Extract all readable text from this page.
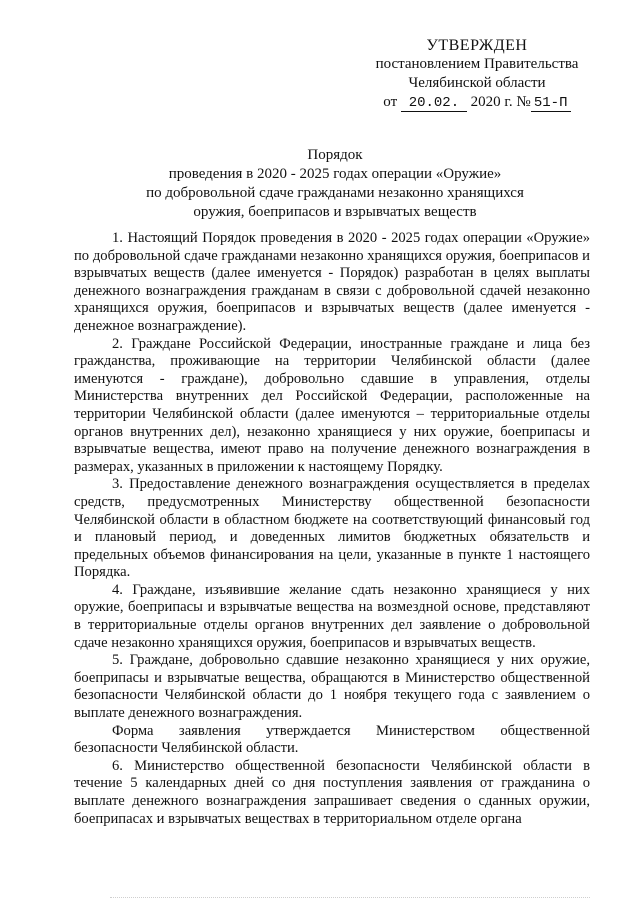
УТВЕРЖДЕН
постановлением Правительства
Челябинской области
от 20.02. 2020 г. № 51-П
Порядок
проведения в 2020 - 2025 годах операции «Оружие»
по добровольной сдаче гражданами незаконно хранящихся
оружия, боеприпасов и взрывчатых веществ

1. Настоящий Порядок проведения в 2020 - 2025 годах операции «Оружие» по добровольной сдаче гражданами незаконно хранящихся оружия, боеприпасов и взрывчатых веществ (далее именуется - Порядок) разработан в целях выплаты денежного вознаграждения гражданам в связи с добровольной сдачей незаконно хранящихся оружия, боеприпасов и взрывчатых веществ (далее именуется - денежное вознаграждение).

2. Граждане Российской Федерации, иностранные граждане и лица без гражданства, проживающие на территории Челябинской области (далее именуются - граждане), добровольно сдавшие в управления, отделы Министерства внутренних дел Российской Федерации, расположенные на территории Челябинской области (далее именуются – территориальные отделы органов внутренних дел), незаконно хранящиеся у них оружие, боеприпасы и взрывчатые вещества, имеют право на получение денежного вознаграждения в размерах, указанных в приложении к настоящему Порядку.

3. Предоставление денежного вознаграждения осуществляется в пределах средств, предусмотренных Министерству общественной безопасности Челябинской области в областном бюджете на соответствующий финансовый год и плановый период, и доведенных лимитов бюджетных обязательств и предельных объемов финансирования на цели, указанные в пункте 1 настоящего Порядка.

4. Граждане, изъявившие желание сдать незаконно хранящиеся у них оружие, боеприпасы и взрывчатые вещества на возмездной основе, представляют в территориальные отделы органов внутренних дел заявление о добровольной сдаче незаконно хранящихся оружия, боеприпасов и взрывчатых веществ.

5. Граждане, добровольно сдавшие незаконно хранящиеся у них оружие, боеприпасы и взрывчатые вещества, обращаются в Министерство общественной безопасности Челябинской области до 1 ноября текущего года с заявлением о выплате денежного вознаграждения.

Форма заявления утверждается Министерством общественной безопасности Челябинской области.

6. Министерство общественной безопасности Челябинской области в течение 5 календарных дней со дня поступления заявления от гражданина о выплате денежного вознаграждения запрашивает сведения о сданных оружии, боеприпасах и взрывчатых веществах в территориальном отделе органа
